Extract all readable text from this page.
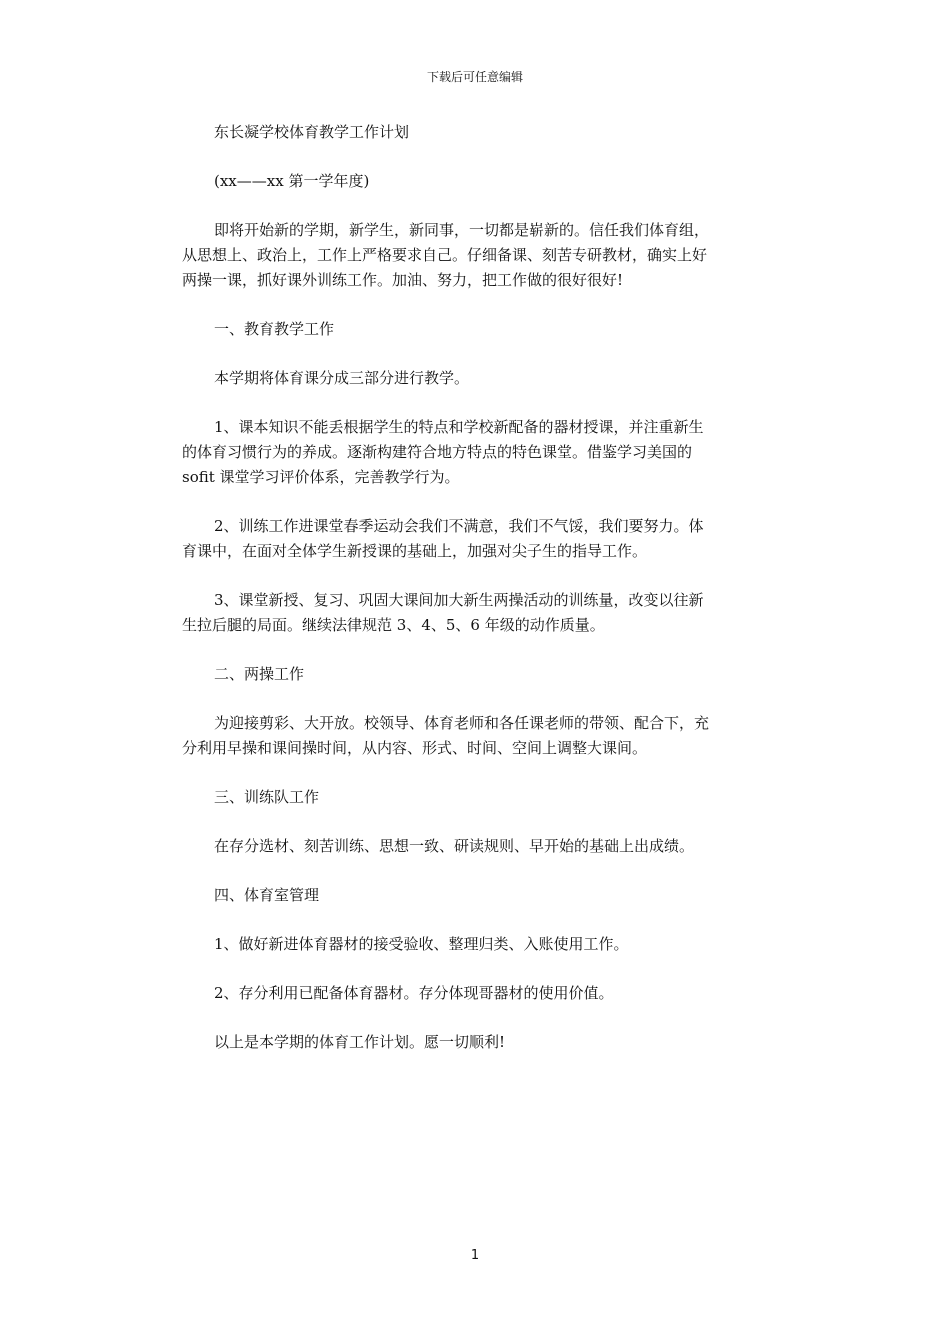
下载后可任意编辑

东长凝学校体育教学工作计划

(xx——xx 第一学年度)

即将开始新的学期，新学生，新同事，一切都是崭新的。信任我们体育组，

从思想上、政治上，工作上严格要求自己。仔细备课、刻苦专研教材，确实上好

两操一课，抓好课外训练工作。加油、努力，把工作做的很好很好!

一、教育教学工作

本学期将体育课分成三部分进行教学。

1、课本知识不能丢根据学生的特点和学校新配备的器材授课，并注重新生

的体育习惯行为的养成。逐渐构建符合地方特点的特色课堂。借鉴学习美国的

sofit 课堂学习评价体系，完善教学行为。

2、训练工作进课堂春季运动会我们不满意，我们不气馁，我们要努力。体

育课中，在面对全体学生新授课的基础上，加强对尖子生的指导工作。

3、课堂新授、复习、巩固大课间加大新生两操活动的训练量，改变以往新

生拉后腿的局面。继续法律规范 3、4、5、6 年级的动作质量。

二、两操工作

为迎接剪彩、大开放。校领导、体育老师和各任课老师的带领、配合下，充

分利用早操和课间操时间，从内容、形式、时间、空间上调整大课间。

三、训练队工作

在存分选材、刻苦训练、思想一致、研读规则、早开始的基础上出成绩。

四、体育室管理

1、做好新进体育器材的接受验收、整理归类、入账使用工作。

2、存分利用已配备体育器材。存分体现哥器材的使用价值。

以上是本学期的体育工作计划。愿一切顺利!

1
